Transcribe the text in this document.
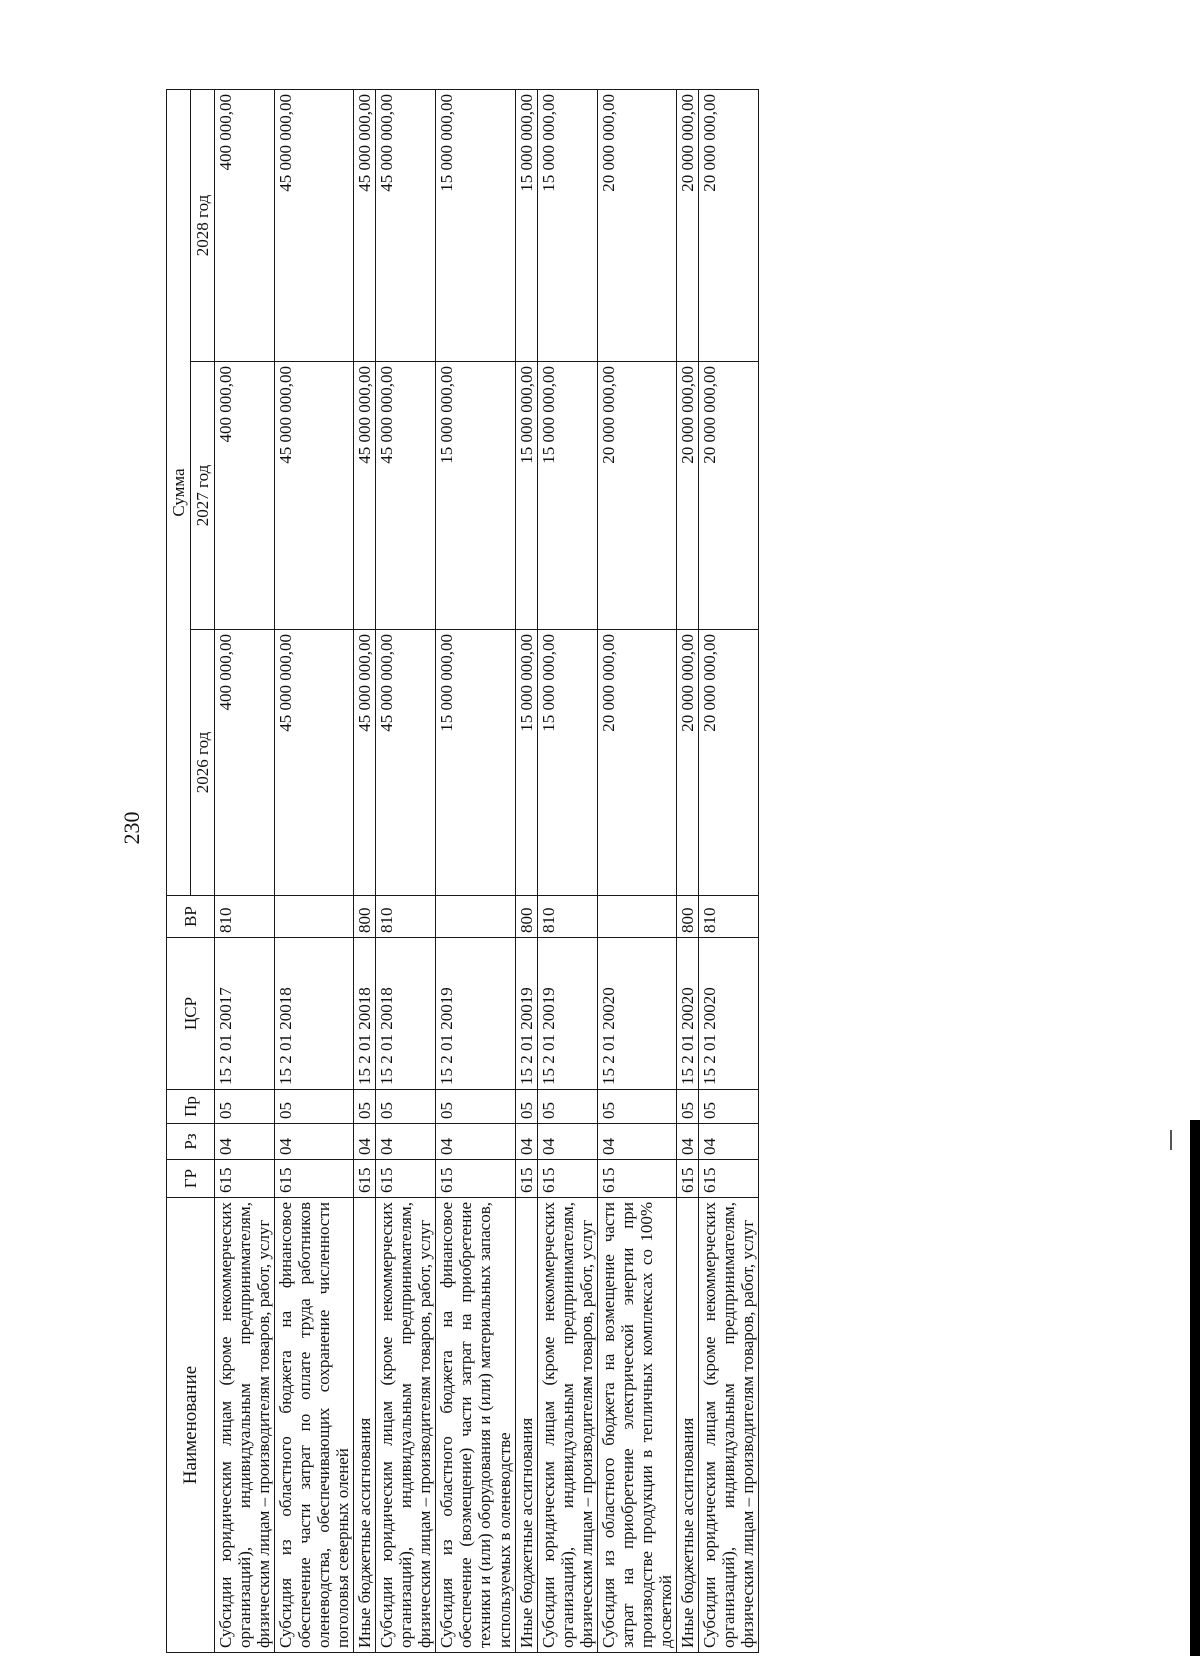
230
Наименование	ГР	Рз	Пр	ЦСР	ВР	Сумма		
						2026 год	2027 год	2028 год
Субсидии юридическим лицам (кроме некоммерческих организаций), индивидуальным предпринимателям, физическим лицам – производителям товаров, работ, услуг	615	04	05	15 2 01 20017	810	400 000,00	400 000,00	400 000,00
Субсидия из областного бюджета на финансовое обеспечение части затрат по оплате труда работников оленеводства, обеспечивающих сохранение численности поголовья северных оленей	615	04	05	15 2 01 20018		45 000 000,00	45 000 000,00	45 000 000,00
Иные бюджетные ассигнования	615	04	05	15 2 01 20018	800	45 000 000,00	45 000 000,00	45 000 000,00
Субсидии юридическим лицам (кроме некоммерческих организаций), индивидуальным предпринимателям, физическим лицам – производителям товаров, работ, услуг	615	04	05	15 2 01 20018	810	45 000 000,00	45 000 000,00	45 000 000,00
Субсидия из областного бюджета на финансовое обеспечение (возмещение) части затрат на приобретение техники и (или) оборудования и (или) материальных запасов, используемых в оленеводстве	615	04	05	15 2 01 20019		15 000 000,00	15 000 000,00	15 000 000,00
Иные бюджетные ассигнования	615	04	05	15 2 01 20019	800	15 000 000,00	15 000 000,00	15 000 000,00
Субсидии юридическим лицам (кроме некоммерческих организаций), индивидуальным предпринимателям, физическим лицам – производителям товаров, работ, услуг	615	04	05	15 2 01 20019	810	15 000 000,00	15 000 000,00	15 000 000,00
Субсидия из областного бюджета на возмещение части затрат на приобретение электрической энергии при производстве продукции в тепличных комплексах со 100% досветкой	615	04	05	15 2 01 20020		20 000 000,00	20 000 000,00	20 000 000,00
Иные бюджетные ассигнования	615	04	05	15 2 01 20020	800	20 000 000,00	20 000 000,00	20 000 000,00
Субсидии юридическим лицам (кроме некоммерческих организаций), индивидуальным предпринимателям, физическим лицам – производителям товаров, работ, услуг	615	04	05	15 2 01 20020	810	20 000 000,00	20 000 000,00	20 000 000,00
